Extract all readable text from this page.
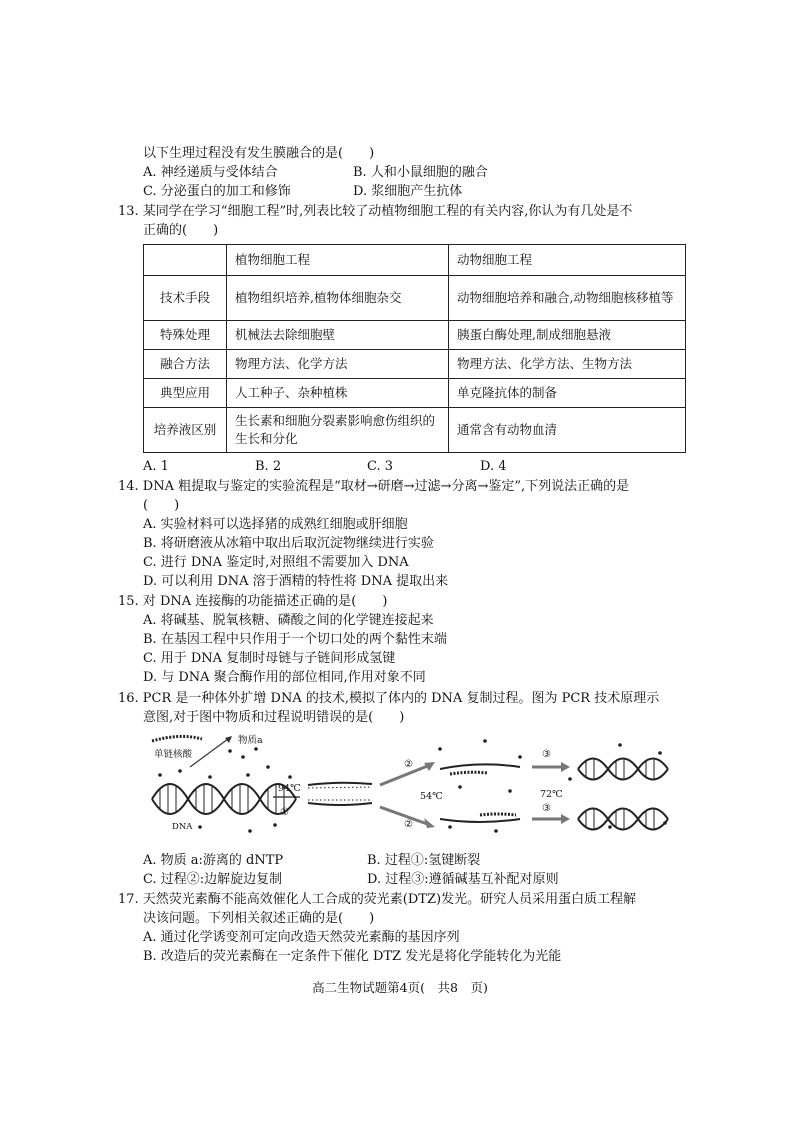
以下生理过程没有发生膜融合的是(　　)
A. 神经递质与受体结合	B. 人和小鼠细胞的融合
C. 分泌蛋白的加工和修饰	D. 浆细胞产生抗体
13. 某同学在学习“细胞工程”时,列表比较了动植物细胞工程的有关内容,你认为有几处是不
正确的(　　)
	植物细胞工程	动物细胞工程
技术手段	植物组织培养,植物体细胞杂交	动物细胞培养和融合,动物细胞核移植等
特殊处理	机械法去除细胞壁	胰蛋白酶处理,制成细胞悬液
融合方法	物理方法、化学方法	物理方法、化学方法、生物方法
典型应用	人工种子、杂种植株	单克隆抗体的制备
培养液区别	生长素和细胞分裂素影响愈伤组织的生长和分化	通常含有动物血清
A. 1	B. 2	C. 3	D. 4
14. DNA 粗提取与鉴定的实验流程是“取材→研磨→过滤→分离→鉴定”,下列说法正确的是
(　　)
A. 实验材料可以选择猪的成熟红细胞或肝细胞
B. 将研磨液从冰箱中取出后取沉淀物继续进行实验
C. 进行 DNA 鉴定时,对照组不需要加入 DNA
D. 可以利用 DNA 溶于酒精的特性将 DNA 提取出来
15. 对 DNA 连接酶的功能描述正确的是(　　)
A. 将碱基、脱氧核糖、磷酸之间的化学键连接起来
B. 在基因工程中只作用于一个切口处的两个黏性末端
C. 用于 DNA 复制时母链与子链间形成氢键
D. 与 DNA 聚合酶作用的部位相同,作用对象不同
16. PCR 是一种体外扩增 DNA 的技术,模拟了体内的 DNA 复制过程。图为 PCR 技术原理示
意图,对于图中物质和过程说明错误的是(　　)
单链核酸
物质a
DNA
94℃
①
②
54℃
②
③
72℃
③
A. 物质 a:游离的 dNTP	B. 过程①:氢键断裂
C. 过程②:边解旋边复制	D. 过程③:遵循碱基互补配对原则
17. 天然荧光素酶不能高效催化人工合成的荧光素(DTZ)发光。研究人员采用蛋白质工程解
决该问题。下列相关叙述正确的是(　　)
A. 通过化学诱变剂可定向改造天然荧光素酶的基因序列
B. 改造后的荧光素酶在一定条件下催化 DTZ 发光是将化学能转化为光能
高二生物试题第4页(　共8　页)
